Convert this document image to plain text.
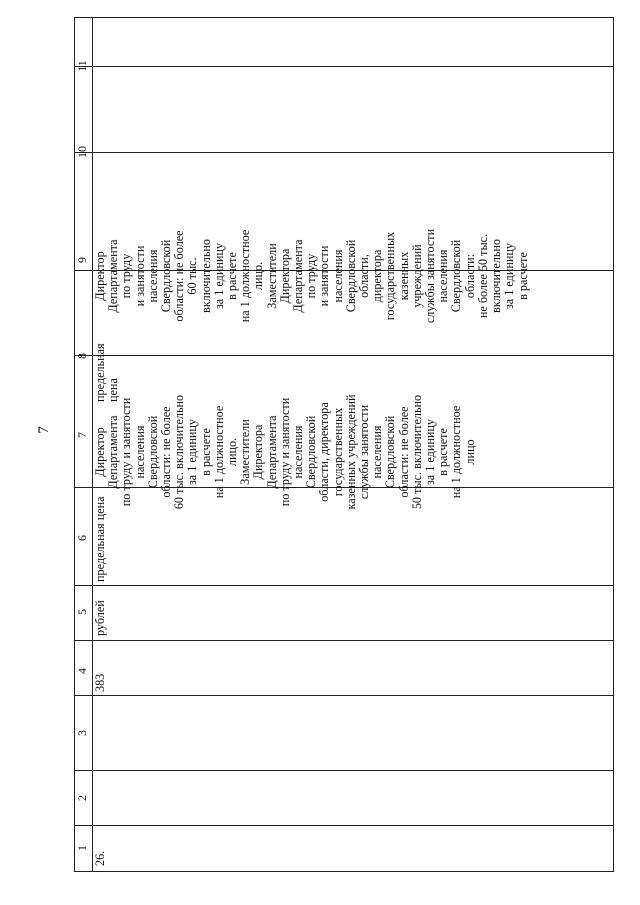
7
1
2
3
4
5
6
7
8
9
10
11
26.
383
рублей
предельная цена
Директор
Департамента
по труду и занятости
населения
Свердловской
области: не более
60 тыс. включительно
за 1 единицу
в расчете
на 1 должностное
лицо.
Заместители
Директора
Департамента
по труду и занятости
населения
Свердловской
области, директора
государственных
казенных учреждений
службы занятости
населения
Свердловской
области: не более
50 тыс. включительно
за 1 единицу
в расчете
на 1 должностное
лицо
предельная
цена
Директор
Департамента
по труду
и занятости
населения
Свердловской
области: не более
60 тыс.
включительно
за 1 единицу
в расчете
на 1 должностное
лицо.
Заместители
Директора
Департамента
по труду
и занятости
населения
Свердловской
области,
директора
государственных
казенных
учреждений
службы занятости
населения
Свердловской
области:
не более 50 тыс.
включительно
за 1 единицу
в расчете
